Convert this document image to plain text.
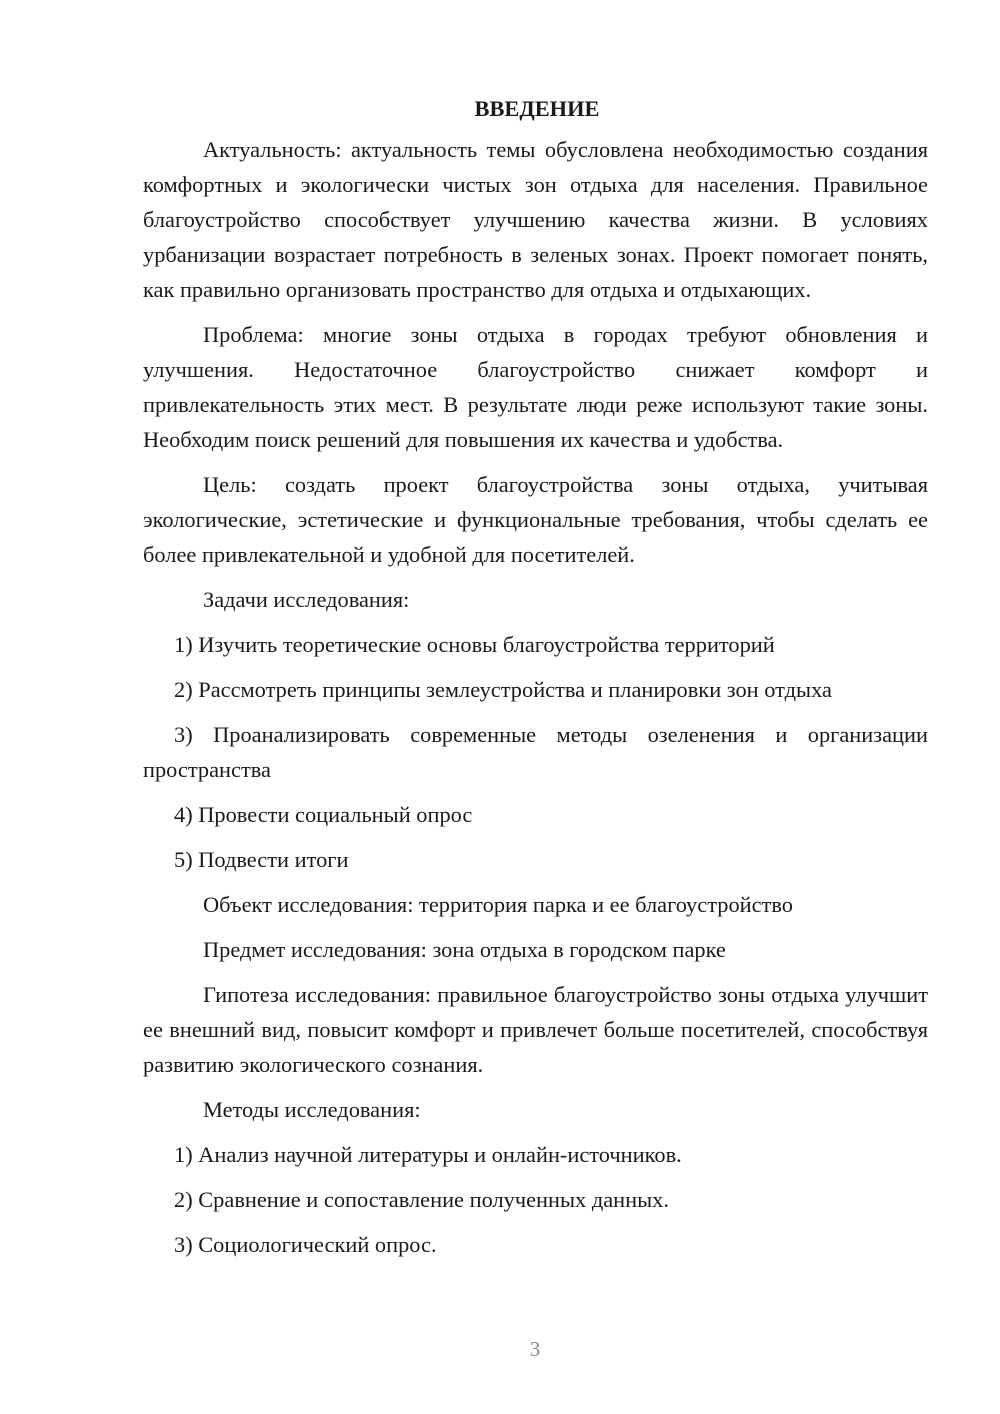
ВВЕДЕНИЕ

Актуальность: актуальность темы обусловлена необходимостью создания комфортных и экологически чистых зон отдыха для населения. Правильное благоустройство способствует улучшению качества жизни. В условиях урбанизации возрастает потребность в зеленых зонах. Проект помогает понять, как правильно организовать пространство для отдыха и отдыхающих.

Проблема: многие зоны отдыха в городах требуют обновления и улучшения. Недостаточное благоустройство снижает комфорт и привлекательность этих мест. В результате люди реже используют такие зоны. Необходим поиск решений для повышения их качества и удобства.

Цель: создать проект благоустройства зоны отдыха, учитывая экологические, эстетические и функциональные требования, чтобы сделать ее более привлекательной и удобной для посетителей.

Задачи исследования:

1) Изучить теоретические основы благоустройства территорий

2) Рассмотреть принципы землеустройства и планировки зон отдыха

3) Проанализировать современные методы озеленения и организации пространства

4) Провести социальный опрос

5) Подвести итоги

Объект исследования: территория парка и ее благоустройство

Предмет исследования: зона отдыха в городском парке

Гипотеза исследования: правильное благоустройство зоны отдыха улучшит ее внешний вид, повысит комфорт и привлечет больше посетителей, способствуя развитию экологического сознания.

Методы исследования:

1) Анализ научной литературы и онлайн-источников.

2) Сравнение и сопоставление полученных данных.

3) Социологический опрос.

3
